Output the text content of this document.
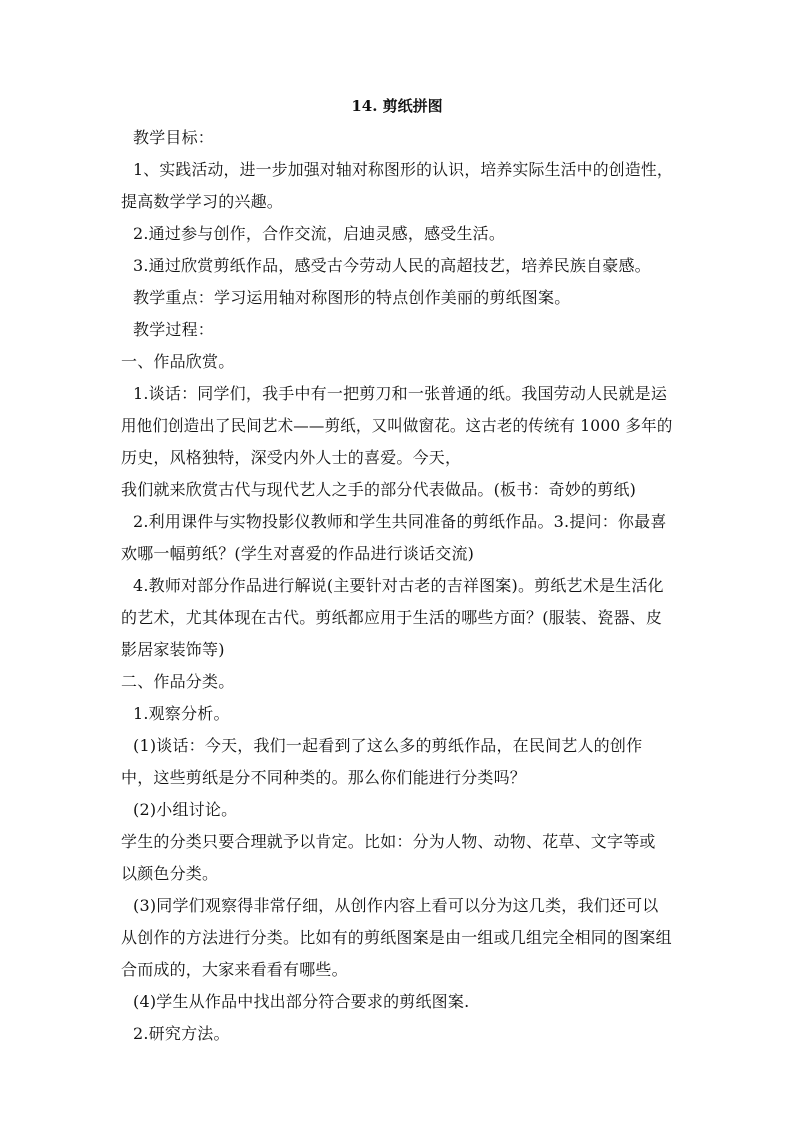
14. 剪纸拼图
教学目标：
1、实践活动，进一步加强对轴对称图形的认识，培养实际生活中的创造性，
提高数学学习的兴趣。
2.通过参与创作，合作交流，启迪灵感，感受生活。
3.通过欣赏剪纸作品，感受古今劳动人民的高超技艺，培养民族自豪感。
教学重点：学习运用轴对称图形的特点创作美丽的剪纸图案。
教学过程：
一、作品欣赏。
1.谈话：同学们，我手中有一把剪刀和一张普通的纸。我国劳动人民就是运
用他们创造出了民间艺术——剪纸，又叫做窗花。这古老的传统有 1000 多年的
历史，风格独特，深受内外人士的喜爱。今天，
我们就来欣赏古代与现代艺人之手的部分代表做品。(板书：奇妙的剪纸)
2.利用课件与实物投影仪教师和学生共同准备的剪纸作品。3.提问：你最喜
欢哪一幅剪纸？(学生对喜爱的作品进行谈话交流)
4.教师对部分作品进行解说(主要针对古老的吉祥图案)。剪纸艺术是生活化
的艺术，尤其体现在古代。剪纸都应用于生活的哪些方面？(服装、瓷器、皮
影居家装饰等)
二、作品分类。
1.观察分析。
(1)谈话：今天，我们一起看到了这么多的剪纸作品，在民间艺人的创作
中，这些剪纸是分不同种类的。那么你们能进行分类吗？
(2)小组讨论。
学生的分类只要合理就予以肯定。比如：分为人物、动物、花草、文字等或
以颜色分类。
(3)同学们观察得非常仔细，从创作内容上看可以分为这几类，我们还可以
从创作的方法进行分类。比如有的剪纸图案是由一组或几组完全相同的图案组
合而成的，大家来看看有哪些。
(4)学生从作品中找出部分符合要求的剪纸图案.
2.研究方法。
